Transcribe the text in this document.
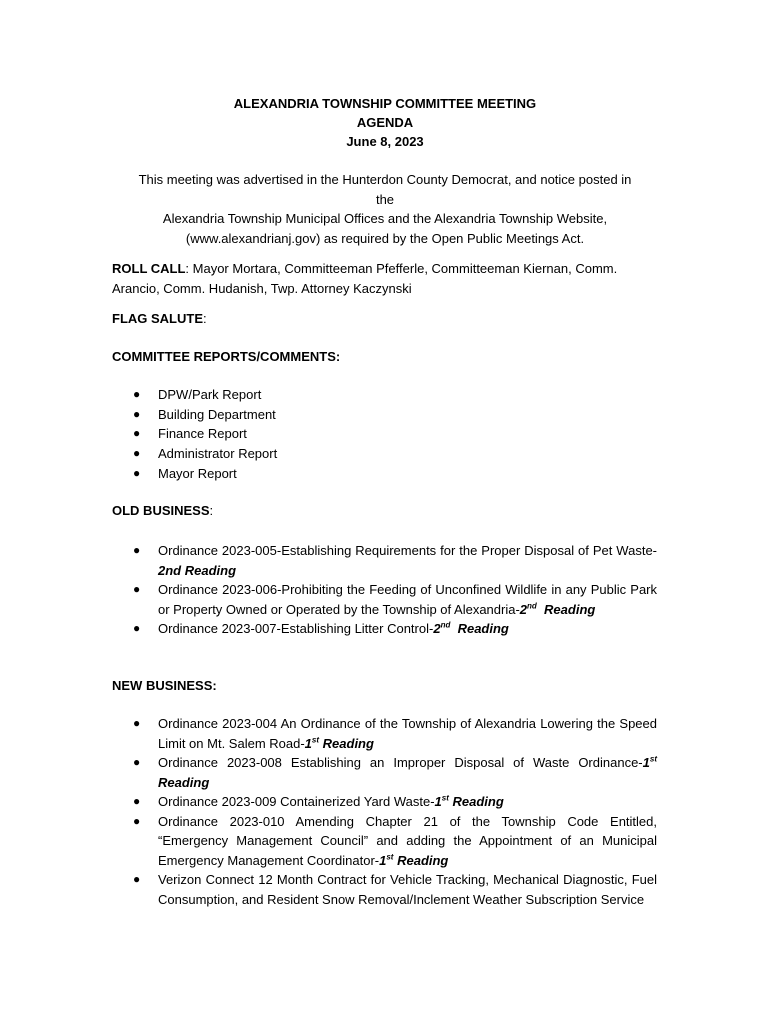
ALEXANDRIA TOWNSHIP COMMITTEE MEETING
AGENDA
June 8, 2023
This meeting was advertised in the Hunterdon County Democrat, and notice posted in
the
Alexandria Township Municipal Offices and the Alexandria Township Website,
(www.alexandrianj.gov) as required by the Open Public Meetings Act.
ROLL CALL: Mayor Mortara, Committeeman Pfefferle, Committeeman Kiernan, Comm. Arancio, Comm. Hudanish, Twp. Attorney Kaczynski
FLAG SALUTE:
COMMITTEE REPORTS/COMMENTS:
● DPW/Park Report
● Building Department
● Finance Report
● Administrator Report
● Mayor Report
OLD BUSINESS:
● Ordinance 2023-005-Establishing Requirements for the Proper Disposal of Pet Waste-2nd Reading
● Ordinance 2023-006-Prohibiting the Feeding of Unconfined Wildlife in any Public Park or Property Owned or Operated by the Township of Alexandria-2nd Reading
● Ordinance 2023-007-Establishing Litter Control-2nd Reading
NEW BUSINESS:
● Ordinance 2023-004 An Ordinance of the Township of Alexandria Lowering the Speed Limit on Mt. Salem Road-1st Reading
● Ordinance 2023-008 Establishing an Improper Disposal of Waste Ordinance-1st Reading
● Ordinance 2023-009 Containerized Yard Waste-1st Reading
● Ordinance 2023-010 Amending Chapter 21 of the Township Code Entitled, “Emergency Management Council” and adding the Appointment of an Municipal Emergency Management Coordinator-1st Reading
● Verizon Connect 12 Month Contract for Vehicle Tracking, Mechanical Diagnostic, Fuel Consumption, and Resident Snow Removal/Inclement Weather Subscription Service
